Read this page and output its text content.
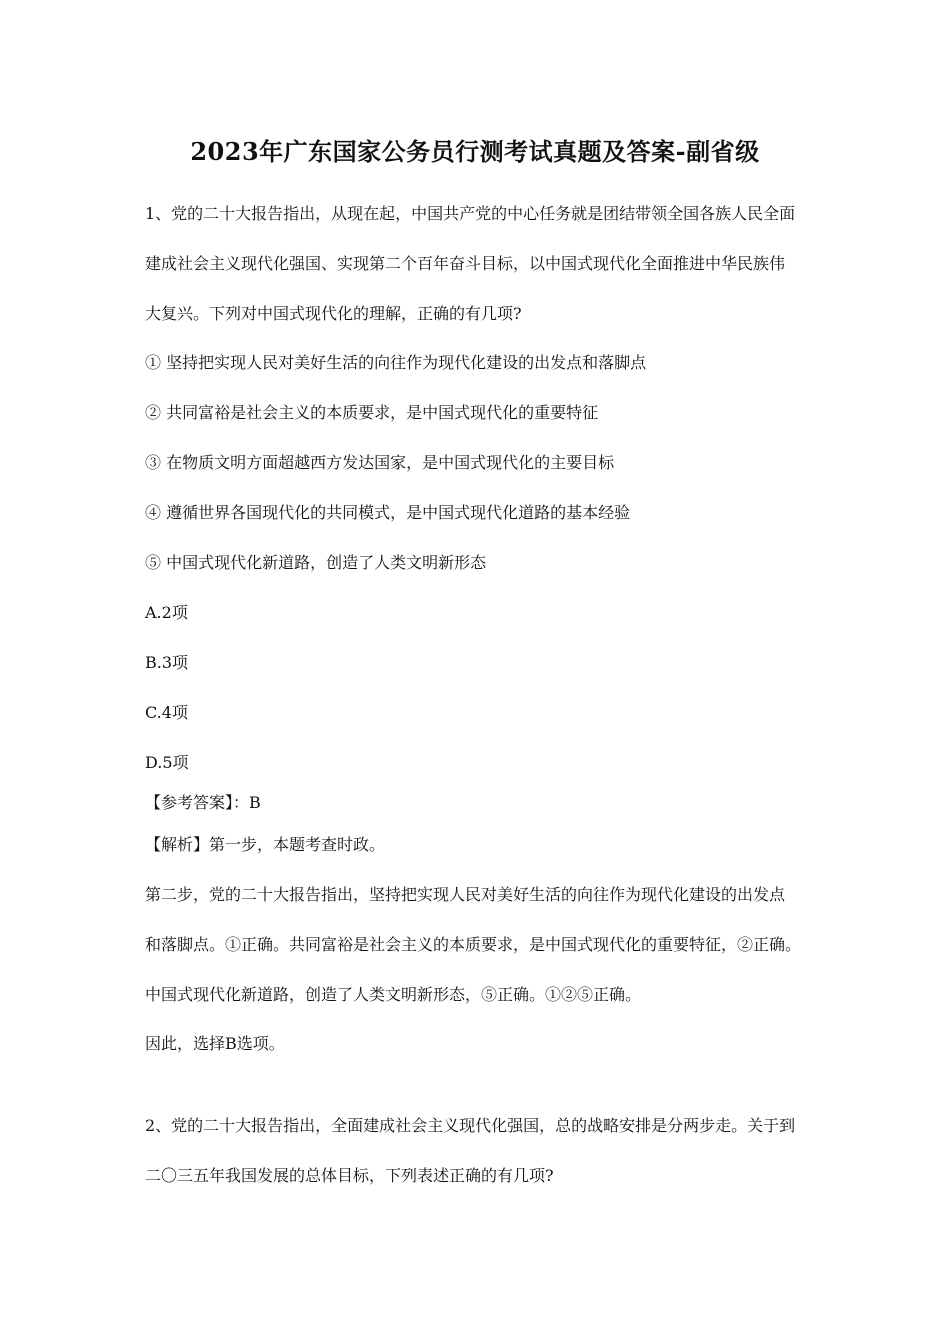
2023年广东国家公务员行测考试真题及答案-副省级
1、党的二十大报告指出，从现在起，中国共产党的中心任务就是团结带领全国各族人民全面
建成社会主义现代化强国、实现第二个百年奋斗目标，以中国式现代化全面推进中华民族伟
大复兴。下列对中国式现代化的理解，正确的有几项?
① 坚持把实现人民对美好生活的向往作为现代化建设的出发点和落脚点
② 共同富裕是社会主义的本质要求，是中国式现代化的重要特征
③ 在物质文明方面超越西方发达国家，是中国式现代化的主要目标
④ 遵循世界各国现代化的共同模式，是中国式现代化道路的基本经验
⑤ 中国式现代化新道路，创造了人类文明新形态
A.2项
B.3项
C.4项
D.5项
【参考答案】：B
【解析】第一步，本题考查时政。
第二步，党的二十大报告指出，坚持把实现人民对美好生活的向往作为现代化建设的出发点
和落脚点。①正确。共同富裕是社会主义的本质要求，是中国式现代化的重要特征，②正确。
中国式现代化新道路，创造了人类文明新形态，⑤正确。①②⑤正确。
因此，选择B选项。
2、党的二十大报告指出，全面建成社会主义现代化强国，总的战略安排是分两步走。关于到
二〇三五年我国发展的总体目标，下列表述正确的有几项?
